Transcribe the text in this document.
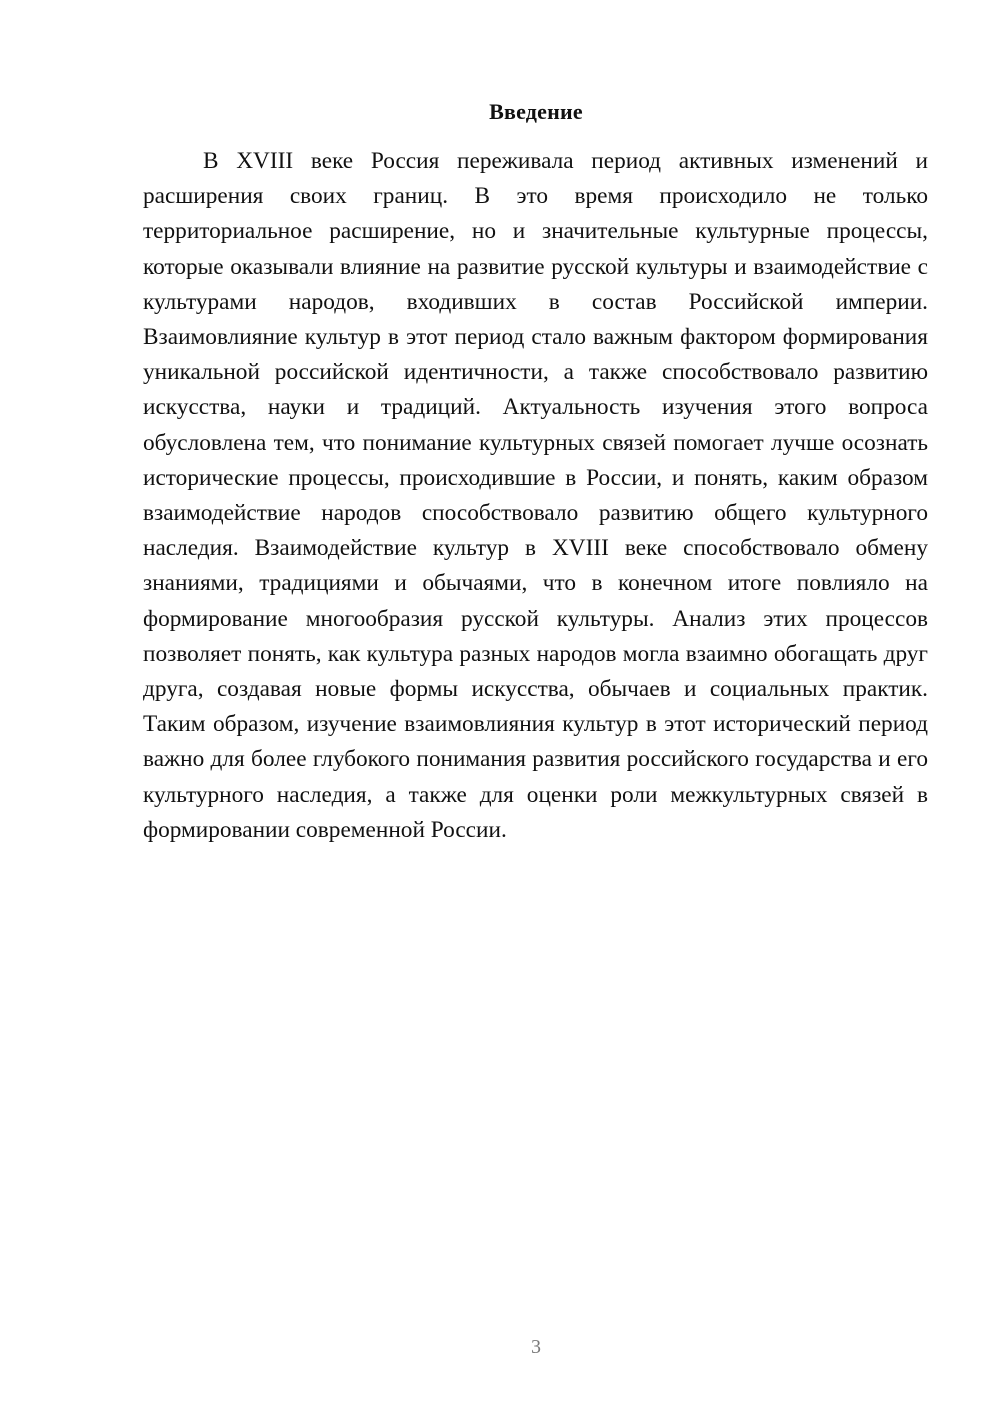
Введение

В XVIII веке Россия переживала период активных изменений и расширения своих границ. В это время происходило не только территориальное расширение, но и значительные культурные процессы, которые оказывали влияние на развитие русской культуры и взаимодействие с культурами народов, входивших в состав Российской империи. Взаимовлияние культур в этот период стало важным фактором формирования уникальной российской идентичности, а также способствовало развитию искусства, науки и традиций. Актуальность изучения этого вопроса обусловлена тем, что понимание культурных связей помогает лучше осознать исторические процессы, происходившие в России, и понять, каким образом взаимодействие народов способствовало развитию общего культурного наследия. Взаимодействие культур в XVIII веке способствовало обмену знаниями, традициями и обычаями, что в конечном итоге повлияло на формирование многообразия русской культуры. Анализ этих процессов позволяет понять, как культура разных народов могла взаимно обогащать друг друга, создавая новые формы искусства, обычаев и социальных практик. Таким образом, изучение взаимовлияния культур в этот исторический период важно для более глубокого понимания развития российского государства и его культурного наследия, а также для оценки роли межкультурных связей в формировании современной России.

3
